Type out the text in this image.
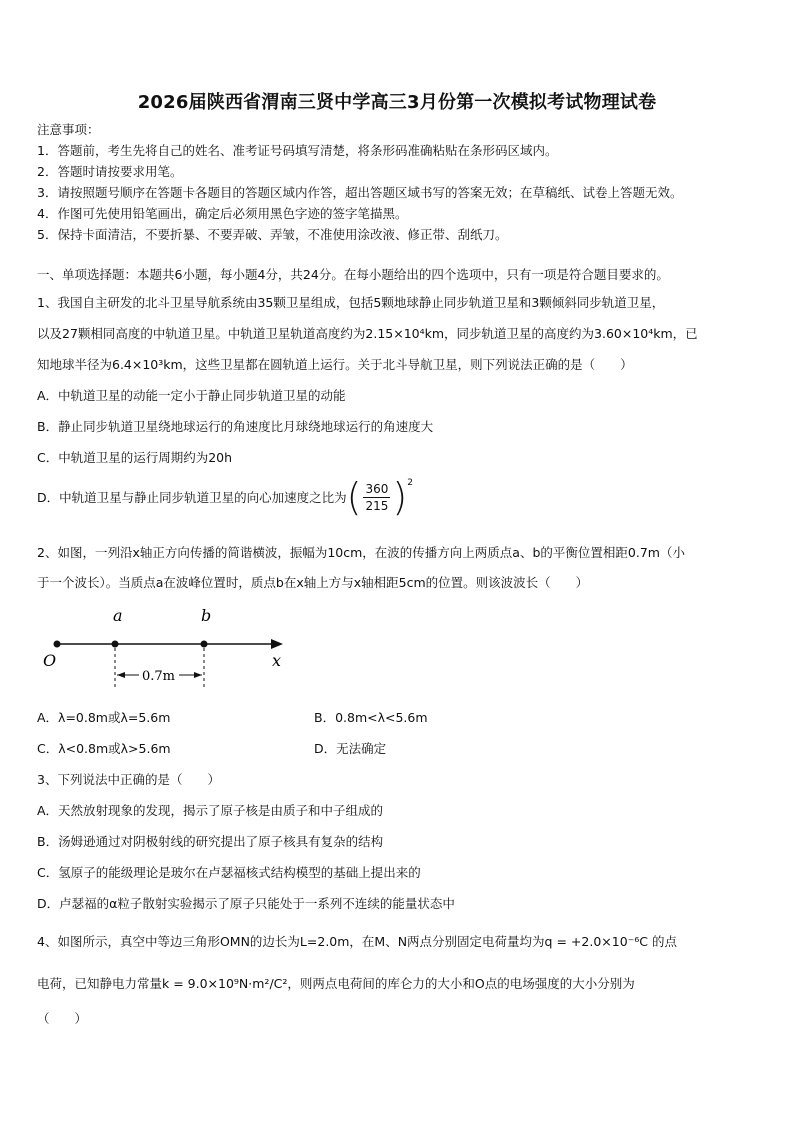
2026届陕西省渭南三贤中学高三3月份第一次模拟考试物理试卷
注意事项：
1．答题前，考生先将自己的姓名、准考证号码填写清楚，将条形码准确粘贴在条形码区域内。
2．答题时请按要求用笔。
3．请按照题号顺序在答题卡各题目的答题区域内作答，超出答题区域书写的答案无效；在草稿纸、试卷上答题无效。
4．作图可先使用铅笔画出，确定后必须用黑色字迹的签字笔描黑。
5．保持卡面清洁，不要折暴、不要弄破、弄皱，不准使用涂改液、修正带、刮纸刀。
一、单项选择题：本题共6小题，每小题4分，共24分。在每小题给出的四个选项中，只有一项是符合题目要求的。
1、我国自主研发的北斗卫星导航系统由35颗卫星组成，包括5颗地球静止同步轨道卫星和3颗倾斜同步轨道卫星，
以及27颗相同高度的中轨道卫星。中轨道卫星轨道高度约为2.15×10⁴km，同步轨道卫星的高度约为3.60×10⁴km，已
知地球半径为6.4×10³km，这些卫星都在圆轨道上运行。关于北斗导航卫星，则下列说法正确的是（　　）
A．中轨道卫星的动能一定小于静止同步轨道卫星的动能
B．静止同步轨道卫星绕地球运行的角速度比月球绕地球运行的角速度大
C．中轨道卫星的运行周期约为20h
D．中轨道卫星与静止同步轨道卫星的向心加速度之比为 ( $\frac{360}{215}$ ) 2
2、如图，一列沿x轴正方向传播的简谐横波，振幅为10cm，在波的传播方向上两质点a、b的平衡位置相距0.7m（小
于一个波长）。当质点a在波峰位置时，质点b在x轴上方与x轴相距5cm的位置。则该波波长（　　）
a	b
O	x
0.7m
A．λ=0.8m或λ=5.6m	B．0.8m<λ<5.6m
C．λ<0.8m或λ>5.6m	D．无法确定
3、下列说法中正确的是（　　）
A．天然放射现象的发现，揭示了原子核是由质子和中子组成的
B．汤姆逊通过对阴极射线的研究提出了原子核具有复杂的结构
C．氢原子的能级理论是玻尔在卢瑟福核式结构模型的基础上提出来的
D．卢瑟福的α粒子散射实验揭示了原子只能处于一系列不连续的能量状态中
4、如图所示，真空中等边三角形OMN的边长为L=2.0m，在M、N两点分别固定电荷量均为q = +2.0×10⁻⁶C 的点
电荷，已知静电力常量k = 9.0×10⁹N·m²/C²，则两点电荷间的库仑力的大小和O点的电场强度的大小分别为
（　　）
